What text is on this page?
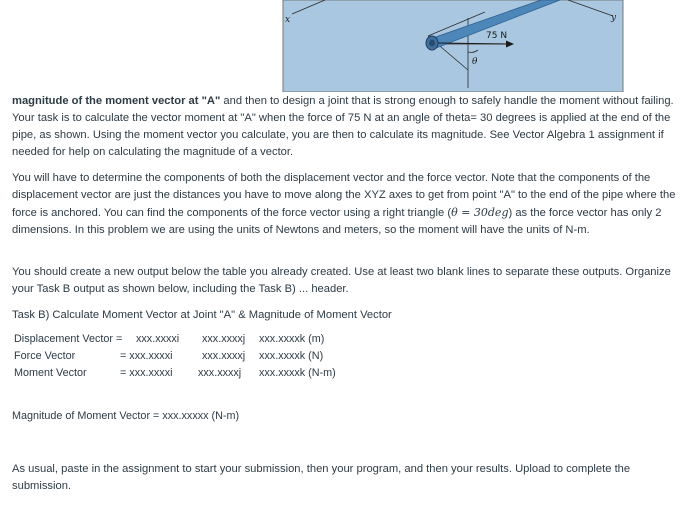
x	y
75 N
θ

magnitude of the moment vector at "A" and then to design a joint that is strong enough to safely handle the moment without failing. Your task is to calculate the vector moment at "A" when the force of 75 N at an angle of theta= 30 degrees is applied at the end of the pipe, as shown. Using the moment vector you calculate, you are then to calculate its magnitude. See Vector Algebra 1 assignment if needed for help on calculating the magnitude of a vector.

You will have to determine the components of both the displacement vector and the force vector. Note that the components of the displacement vector are just the distances you have to move along the XYZ axes to get from point "A" to the end of the pipe where the force is anchored. You can find the components of the force vector using a right triangle (θ = 30deg) as the force vector has only 2 dimensions. In this problem we are using the units of Newtons and meters, so the moment will have the units of N-m.

You should create a new output below the table you already created. Use at least two blank lines to separate these outputs. Organize your Task B output as shown below, including the Task B) ... header.

Task B) Calculate Moment Vector at Joint "A" & Magnitude of Moment Vector

Displacement Vector = xxx.xxxxi xxx.xxxxj xxx.xxxxk (m)
Force Vector	= xxx.xxxxi	xxx.xxxxj xxx.xxxxk (N)
Moment Vector	= xxx.xxxxi xxx.xxxxj xxx.xxxxk (N-m)
Magnitude of Moment Vector = xxx.xxxxx (N-m)

As usual, paste in the assignment to start your submission, then your program, and then your results. Upload to complete the submission.
